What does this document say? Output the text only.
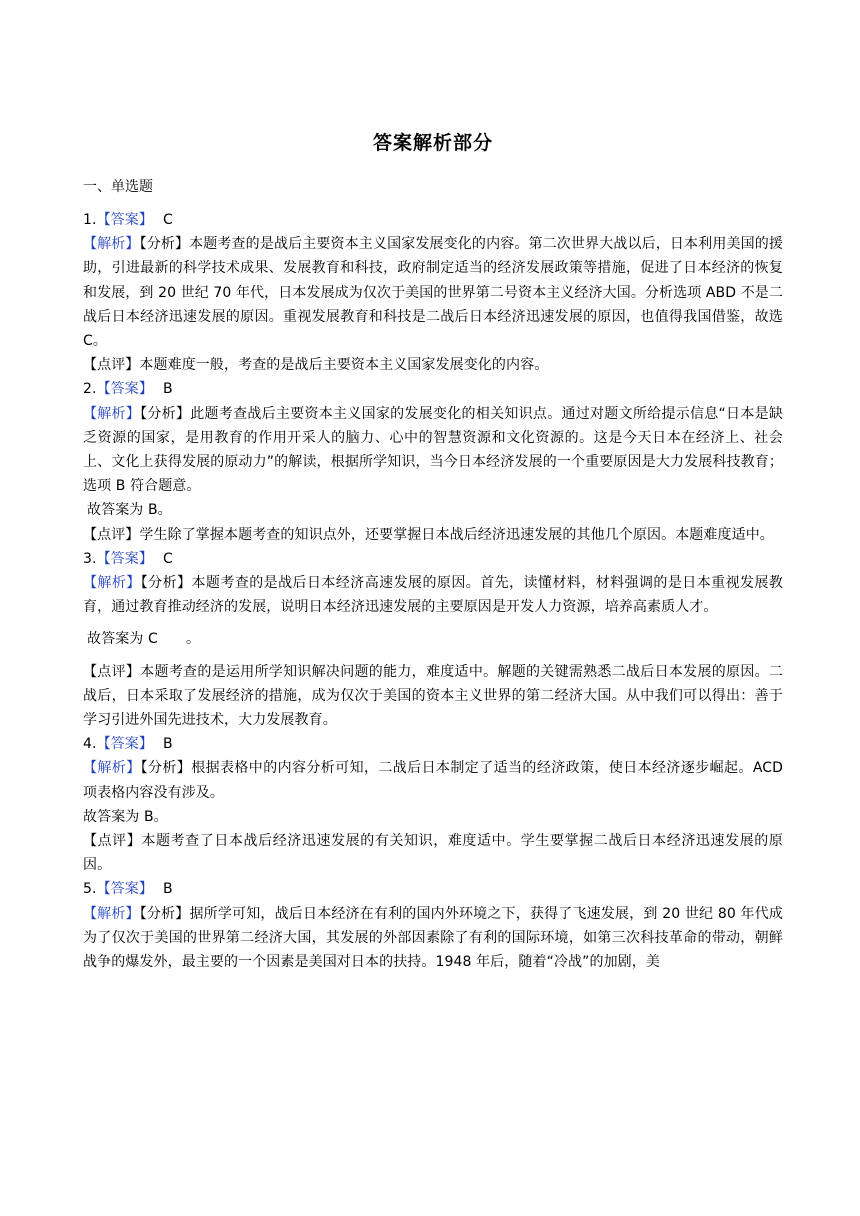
答案解析部分
一、单选题
1.【答案】 C
【解析】【分析】本题考查的是战后主要资本主义国家发展变化的内容。第二次世界大战以后，日本利用美国的援助，引进最新的科学技术成果、发展教育和科技，政府制定适当的经济发展政策等措施，促进了日本经济的恢复和发展，到 20 世纪 70 年代，日本发展成为仅次于美国的世界第二号资本主义经济大国。分析选项 ABD 不是二战后日本经济迅速发展的原因。重视发展教育和科技是二战后日本经济迅速发展的原因，也值得我国借鉴，故选 C。
【点评】本题难度一般，考查的是战后主要资本主义国家发展变化的内容。
2.【答案】 B
【解析】【分析】此题考查战后主要资本主义国家的发展变化的相关知识点。通过对题文所给提示信息“日本是缺乏资源的国家，是用教育的作用开采人的脑力、心中的智慧资源和文化资源的。这是今天日本在经济上、社会上、文化上获得发展的原动力”的解读，根据所学知识，当今日本经济发展的一个重要原因是大力发展科技教育；选项 B 符合题意。
故答案为 B。
【点评】学生除了掌握本题考查的知识点外，还要掌握日本战后经济迅速发展的其他几个原因。本题难度适中。
3.【答案】 C
【解析】【分析】本题考查的是战后日本经济高速发展的原因。首先，读懂材料，材料强调的是日本重视发展教育，通过教育推动经济的发展，说明日本经济迅速发展的主要原因是开发人力资源，培养高素质人才。
故答案为 C　　。
【点评】本题考查的是运用所学知识解决问题的能力，难度适中。解题的关键需熟悉二战后日本发展的原因。二战后，日本采取了发展经济的措施，成为仅次于美国的资本主义世界的第二经济大国。从中我们可以得出：善于学习引进外国先进技术，大力发展教育。
4.【答案】 B
【解析】【分析】根据表格中的内容分析可知，二战后日本制定了适当的经济政策，使日本经济逐步崛起。ACD 项表格内容没有涉及。
故答案为 B。
【点评】本题考查了日本战后经济迅速发展的有关知识，难度适中。学生要掌握二战后日本经济迅速发展的原因。
5.【答案】 B
【解析】【分析】据所学可知，战后日本经济在有利的国内外环境之下，获得了飞速发展，到 20 世纪 80 年代成为了仅次于美国的世界第二经济大国，其发展的外部因素除了有利的国际环境，如第三次科技革命的带动，朝鲜战争的爆发外，最主要的一个因素是美国对日本的扶持。1948 年后，随着“冷战”的加剧，美
